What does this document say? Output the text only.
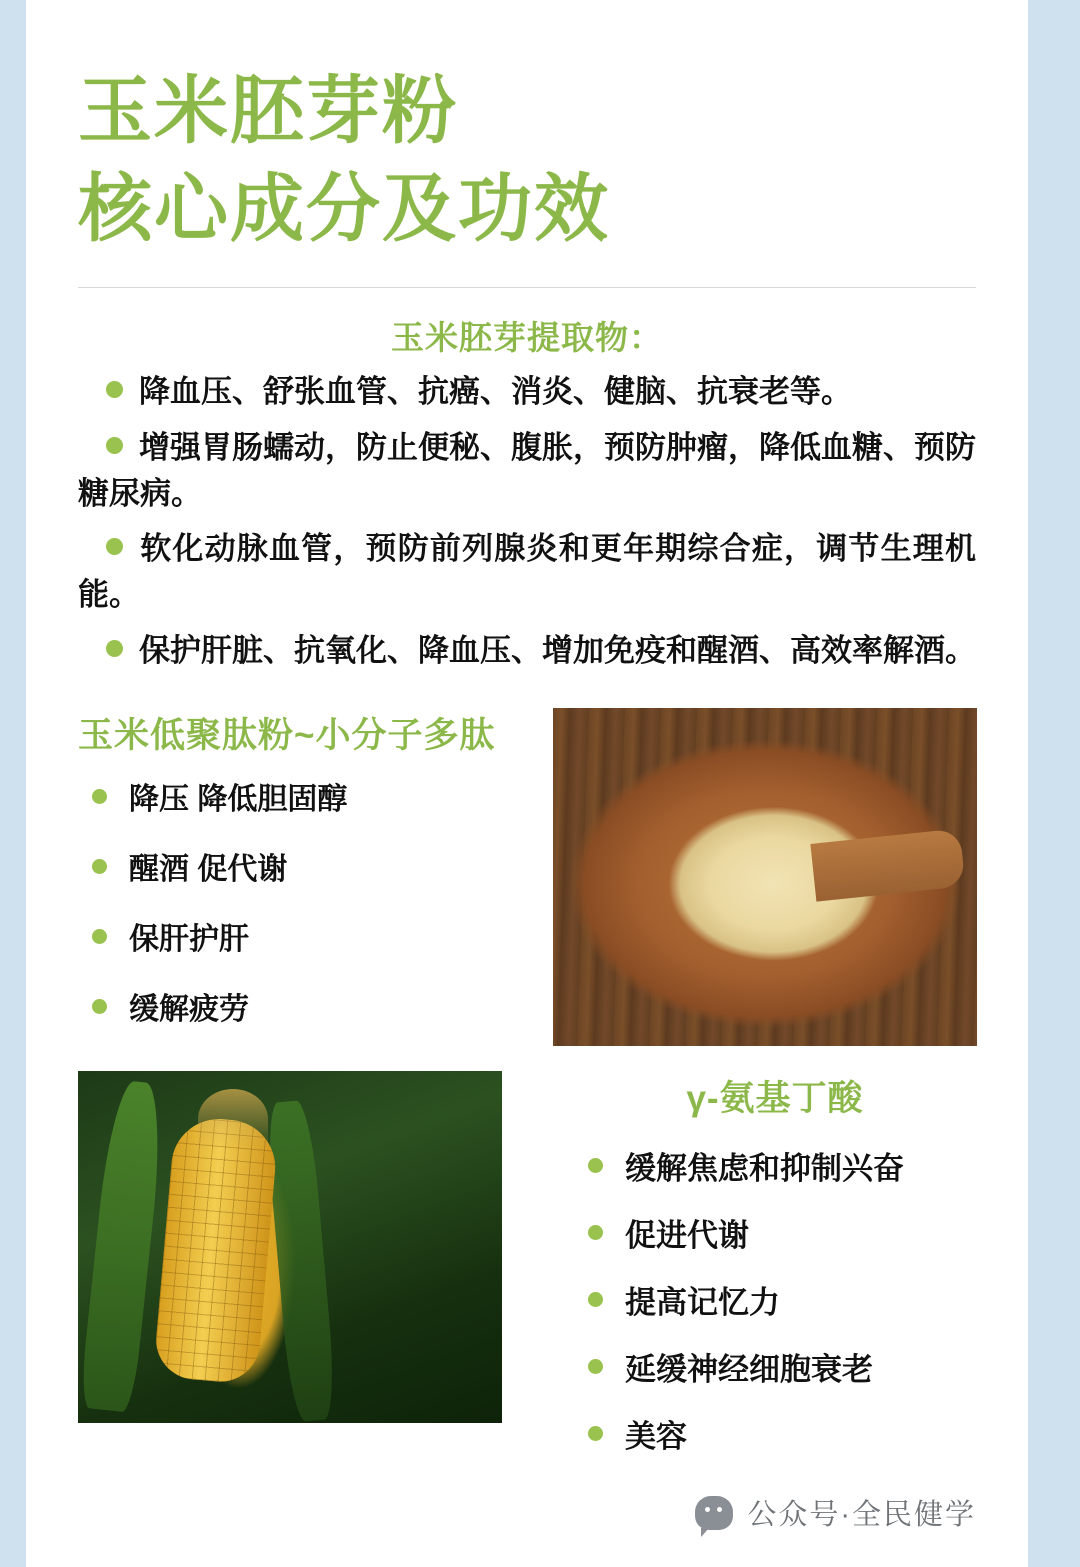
玉米胚芽粉
核心成分及功效
玉米胚芽提取物：
降血压、舒张血管、抗癌、消炎、健脑、抗衰老等。
增强胃肠蠕动，防止便秘、腹胀，预防肿瘤，降低血糖、预防糖尿病。
软化动脉血管，预防前列腺炎和更年期综合症，调节生理机能。
保护肝脏、抗氧化、降血压、增加免疫和醒酒、高效率解酒。
玉米低聚肽粉~小分子多肽
降压 降低胆固醇
醒酒 促代谢
保肝护肝
缓解疲劳
γ-氨基丁酸
缓解焦虑和抑制兴奋
促进代谢
提高记忆力
延缓神经细胞衰老
美容
公众号·全民健学
